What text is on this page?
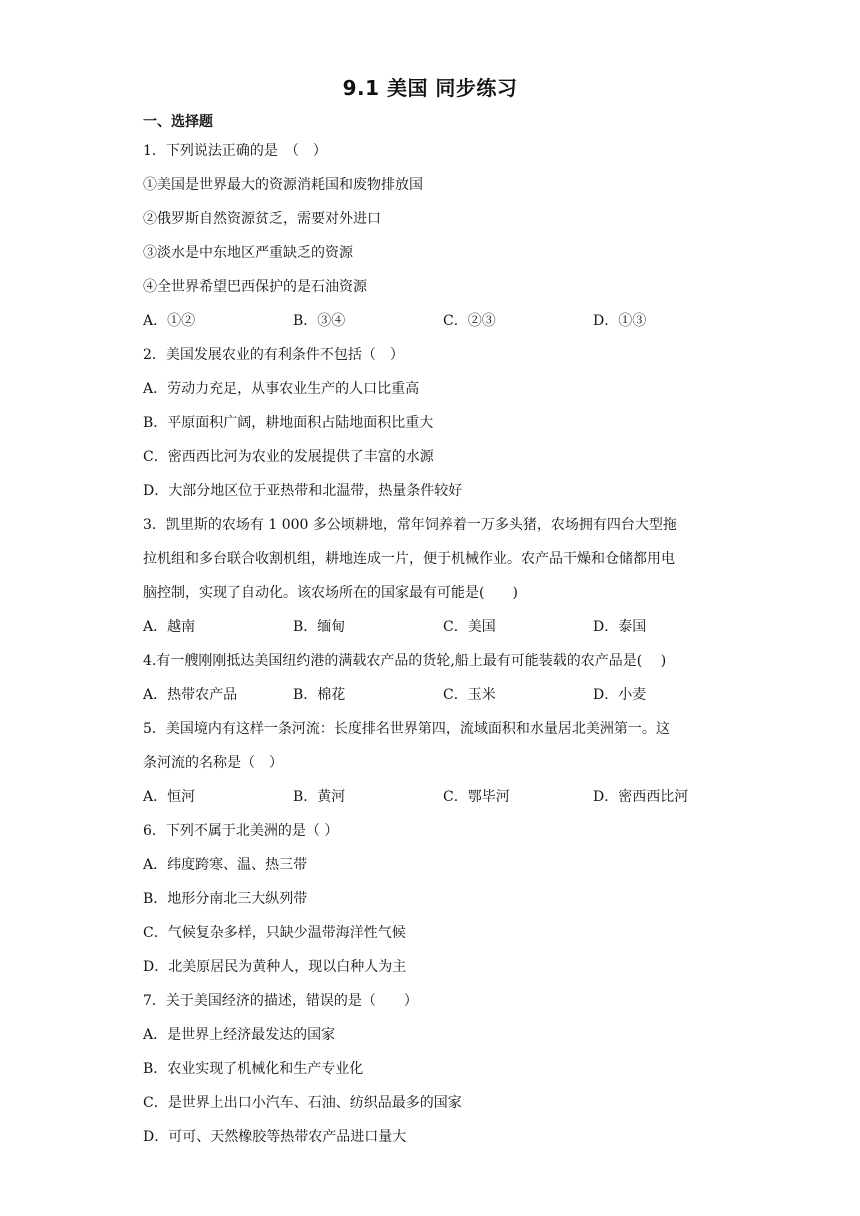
9.1 美国 同步练习
一、选择题
1．下列说法正确的是　（　）
①美国是世界最大的资源消耗国和废物排放国
②俄罗斯自然资源贫乏，需要对外进口
③淡水是中东地区严重缺乏的资源
④全世界希望巴西保护的是石油资源
A．①②	B．③④	C．②③	D．①③
2．美国发展农业的有利条件不包括（　）
A．劳动力充足，从事农业生产的人口比重高
B．平原面积广阔，耕地面积占陆地面积比重大
C．密西西比河为农业的发展提供了丰富的水源
D．大部分地区位于亚热带和北温带，热量条件较好
3．凯里斯的农场有 1 000 多公顷耕地，常年饲养着一万多头猪，农场拥有四台大型拖
拉机组和多台联合收割机组，耕地连成一片，便于机械作业。农产品干燥和仓储都用电
脑控制，实现了自动化。该农场所在的国家最有可能是(　　)
A．越南	B．缅甸	C．美国	D．泰国
4.有一艘刚刚抵达美国纽约港的满载农产品的货轮,船上最有可能装载的农产品是(　 )
A．热带农产品	B．棉花	C．玉米	D．小麦
5．美国境内有这样一条河流：长度排名世界第四，流域面积和水量居北美洲第一。这
条河流的名称是（　）
A．恒河	B．黄河	C．鄂毕河	D．密西西比河
6．下列不属于北美洲的是（ ）
A．纬度跨寒、温、热三带
B．地形分南北三大纵列带
C．气候复杂多样，只缺少温带海洋性气候
D．北美原居民为黄种人，现以白种人为主
7．关于美国经济的描述，错误的是（　　）
A．是世界上经济最发达的国家
B．农业实现了机械化和生产专业化
C．是世界上出口小汽车、石油、纺织品最多的国家
D．可可、天然橡胶等热带农产品进口量大
